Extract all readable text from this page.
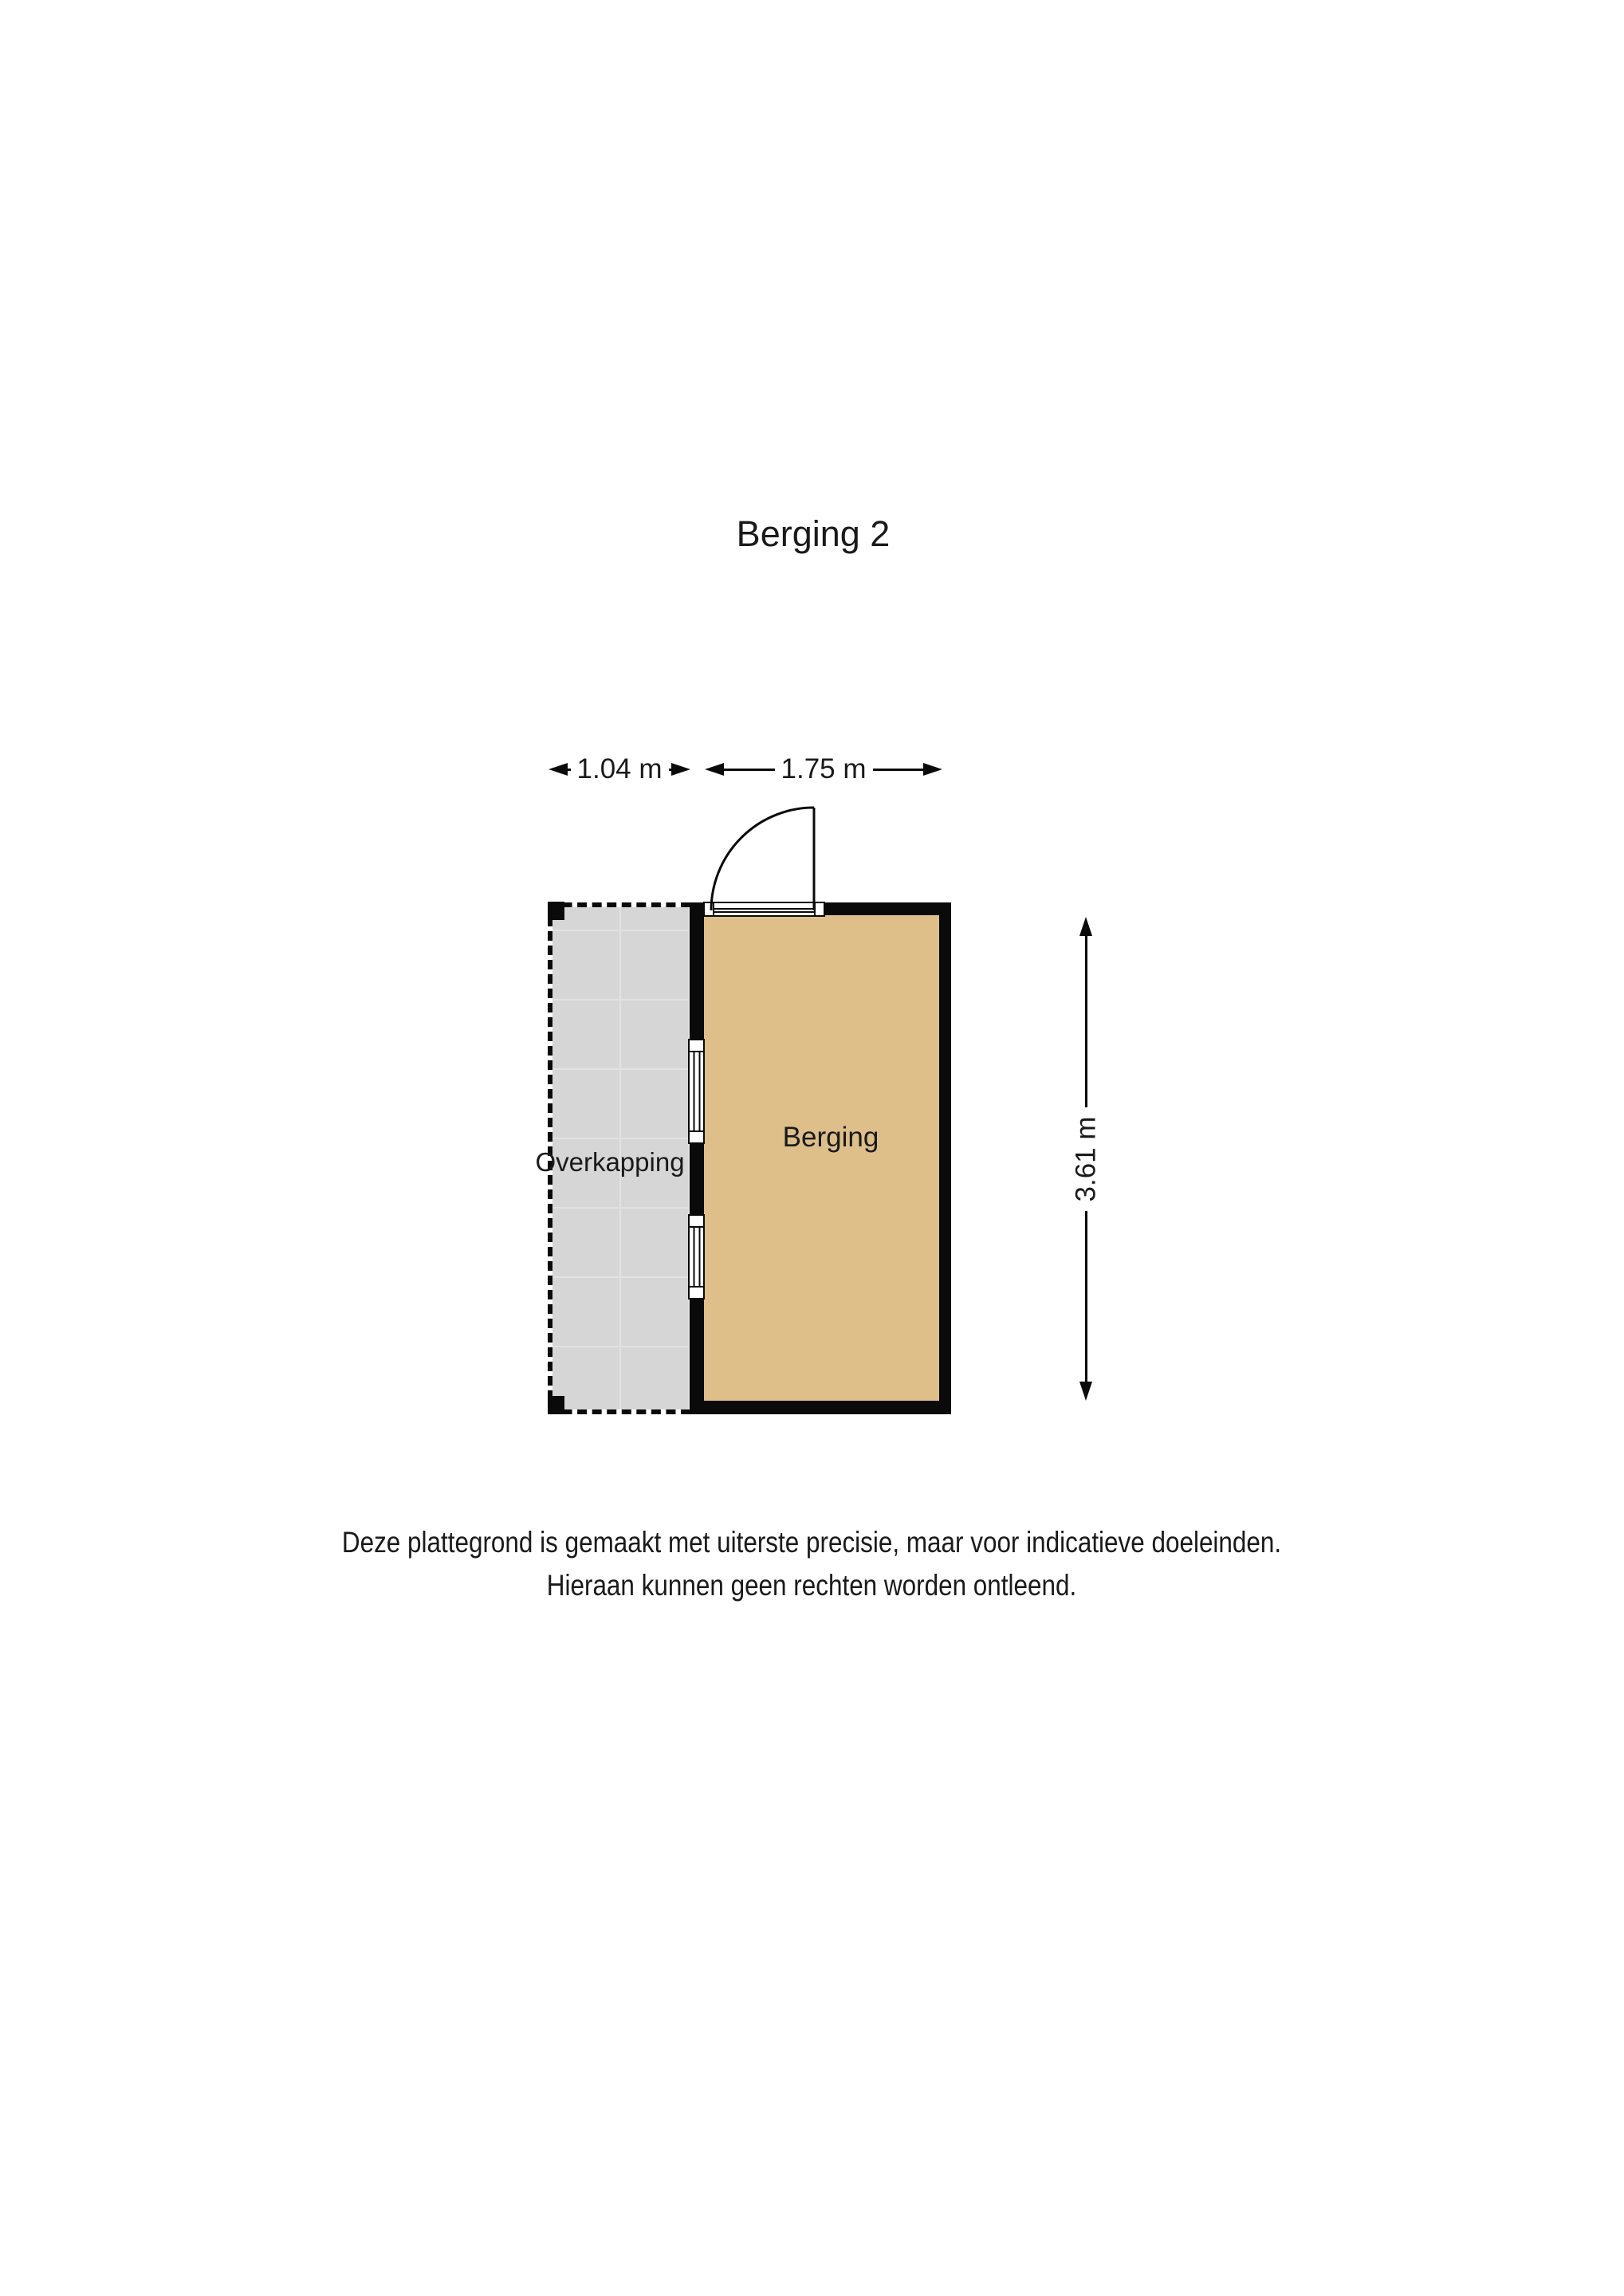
Berging 2
1.04 m	1.75 m
3.61 m
Overkapping
Berging
Deze plattegrond is gemaakt met uiterste precisie, maar voor indicatieve doeleinden.
Hieraan kunnen geen rechten worden ontleend.
